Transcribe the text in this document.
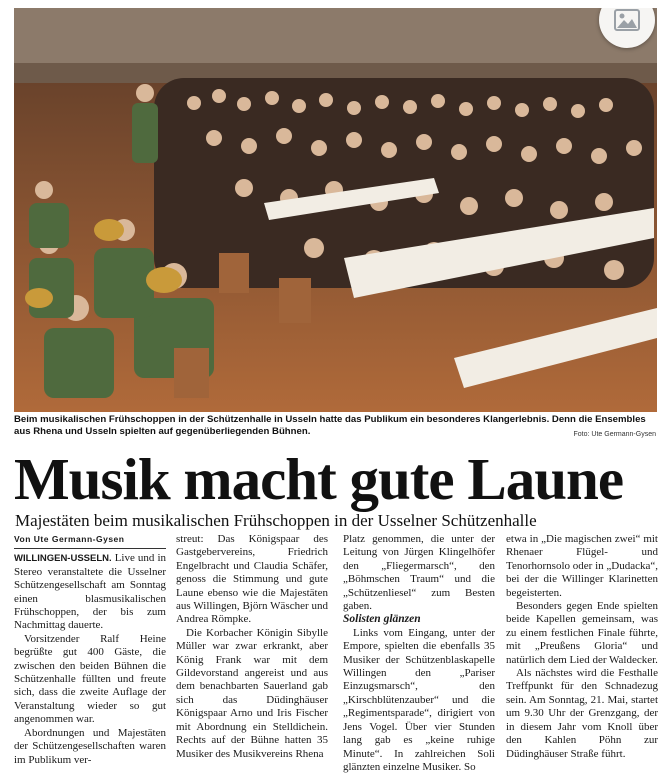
Beim musikalischen Frühschoppen in der Schützenhalle in Usseln hatte das Publikum ein besonderes Klangerlebnis. Denn die Ensembles aus Rhena und Usseln spielten auf gegenüberliegenden Bühnen.	Foto: Ute Germann-Gysen
Musik macht gute Laune
Majestäten beim musikalischen Frühschoppen in der Usselner Schützenhalle
Von Ute Germann-Gysen

WILLINGEN-USSELN. Live und in Stereo veranstaltete die Usselner Schützengesellschaft am Sonntag einen blasmusikalischen Frühschoppen, der bis zum Nachmittag dauerte.

Vorsitzender Ralf Heine begrüßte gut 400 Gäste, die zwischen den beiden Bühnen die Schützenhalle füllten und freute sich, dass die zweite Auflage der Veranstaltung wieder so gut angenommen war.

Abordnungen und Majestäten der Schützengesellschaften waren im Publikum ver-

streut: Das Königspaar des Gastgebervereins, Friedrich Engelbracht und Claudia Schäfer, genoss die Stimmung und gute Laune ebenso wie die Majestäten aus Willingen, Björn Wäscher und Andrea Römpke.

Die Korbacher Königin Sibylle Müller war zwar erkrankt, aber König Frank war mit dem Gildevorstand angereist und aus dem benachbarten Sauerland gab sich das Düdinghäuser Königspaar Arno und Iris Fischer mit Abordnung ein Stelldichein. Rechts auf der Bühne hatten 35 Musiker des Musikvereins Rhena

Platz genommen, die unter der Leitung von Jürgen Klingelhöfer den „Fliegermarsch“, den „Böhmschen Traum“ und die „Schützenliesel“ zum Besten gaben.

Solisten glänzen

Links vom Eingang, unter der Empore, spielten die ebenfalls 35 Musiker der Schützenblaskapelle Willingen den „Pariser Einzugsmarsch“, den „Kirschblütenzauber“ und die „Regimentsparade“, dirigiert von Jens Vogel. Über vier Stunden lang gab es „keine ruhige Minute“. In zahlreichen Soli glänzten einzelne Musiker. So

etwa in „Die magischen zwei“ mit Rhenaer Flügel- und Tenorhornsolo oder in „Dudacka“, bei der die Willinger Klarinetten begeisterten.

Besonders gegen Ende spielten beide Kapellen gemeinsam, was zu einem festlichen Finale führte, mit „Preußens Gloria“ und natürlich dem Lied der Waldecker.

Als nächstes wird die Festhalle Treffpunkt für den Schnadezug sein. Am Sonntag, 21. Mai, startet um 9.30 Uhr der Grenzgang, der in diesem Jahr vom Knoll über den Kahlen Pöhn zur Düdinghäuser Straße führt.
